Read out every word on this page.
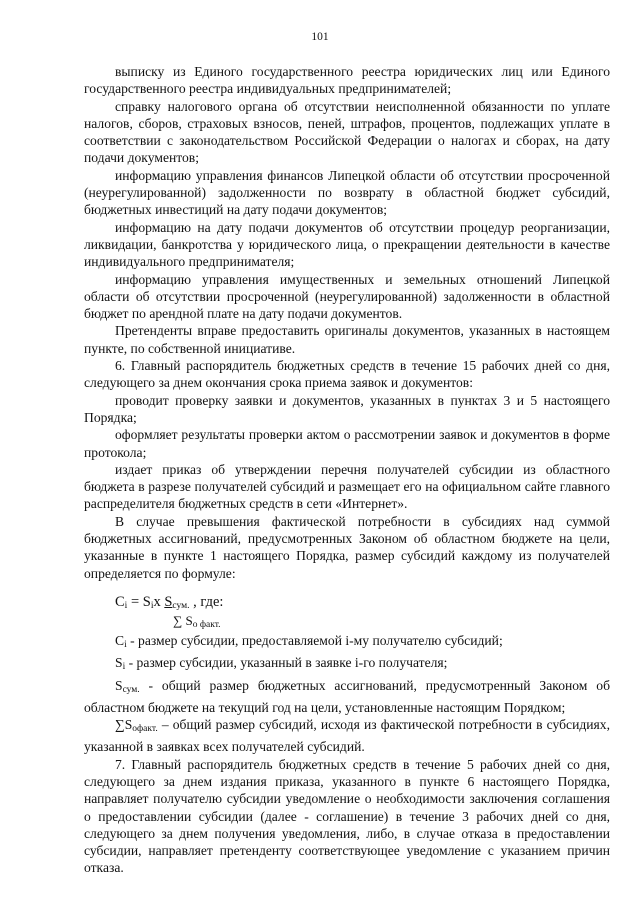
101

выписку из Единого государственного реестра юридических лиц или Единого государственного реестра индивидуальных предпринимателей;

справку налогового органа об отсутствии неисполненной обязанности по уплате налогов, сборов, страховых взносов, пеней, штрафов, процентов, подлежащих уплате в соответствии с законодательством Российской Федерации о налогах и сборах, на дату подачи документов;

информацию управления финансов Липецкой области об отсутствии просроченной (неурегулированной) задолженности по возврату в областной бюджет субсидий, бюджетных инвестиций на дату подачи документов;

информацию на дату подачи документов об отсутствии процедур реорганизации, ликвидации, банкротства у юридического лица, о прекращении деятельности в качестве индивидуального предпринимателя;

информацию управления имущественных и земельных отношений Липецкой области об отсутствии просроченной (неурегулированной) задолженности в областной бюджет по арендной плате на дату подачи документов.

Претенденты вправе предоставить оригиналы документов, указанных в настоящем пункте, по собственной инициативе.

6. Главный распорядитель бюджетных средств в течение 15 рабочих дней со дня, следующего за днем окончания срока приема заявок и документов:

проводит проверку заявки и документов, указанных в пунктах 3 и 5 настоящего Порядка;

оформляет результаты проверки актом о рассмотрении заявок и документов в форме протокола;

издает приказ об утверждении перечня получателей субсидии из областного бюджета в разрезе получателей субсидий и размещает его на официальном сайте главного распределителя бюджетных средств в сети «Интернет».

В случае превышения фактической потребности в субсидиях над суммой бюджетных ассигнований, предусмотренных Законом об областном бюджете на цели, указанные в пункте 1 настоящего Порядка, размер субсидий каждому из получателей определяется по формуле:

$C_i = S_ix$ $S_{сум.}$ , где:
∑ $S_{о факт.}$

$C_i$ - размер субсидии, предоставляемой i-му получателю субсидий;

$S_i$ - размер субсидии, указанный в заявке i-го получателя;

$S_{сум.}$ - общий размер бюджетных ассигнований, предусмотренный Законом об областном бюджете на текущий год на цели, установленные настоящим Порядком;

$\sum S_{офакт.}$ – общий размер субсидий, исходя из фактической потребности в субсидиях, указанной в заявках всех получателей субсидий.

7. Главный распорядитель бюджетных средств в течение 5 рабочих дней со дня, следующего за днем издания приказа, указанного в пункте 6 настоящего Порядка, направляет получателю субсидии уведомление о необходимости заключения соглашения о предоставлении субсидии (далее - соглашение) в течение 3 рабочих дней со дня, следующего за днем получения уведомления, либо, в случае отказа в предоставлении субсидии, направляет претенденту соответствующее уведомление с указанием причин отказа.
